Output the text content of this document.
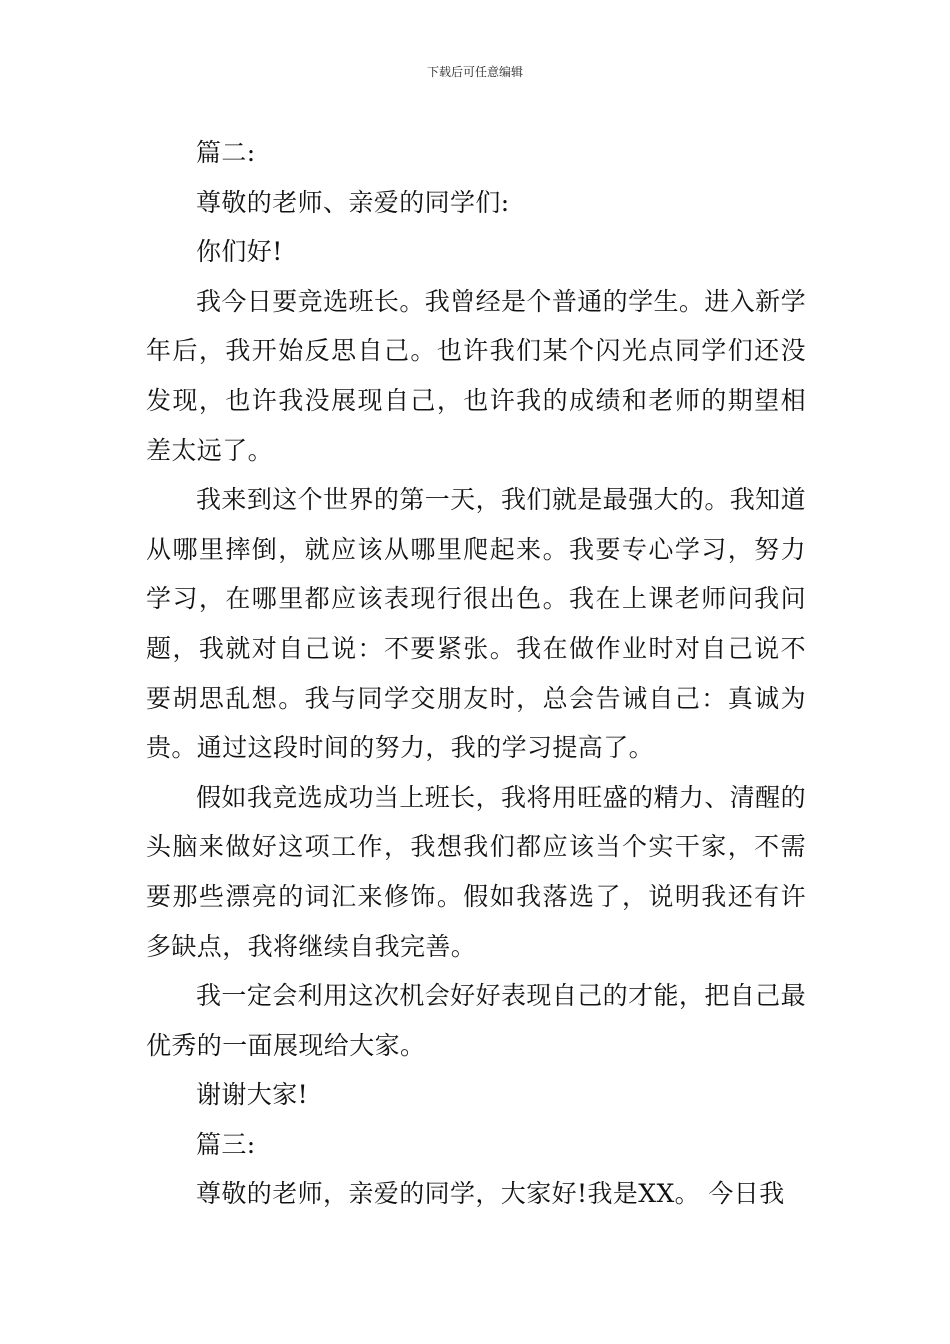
下载后可任意编辑

篇二:

尊敬的老师、亲爱的同学们:

你们好!

我今日要竞选班长。我曾经是个普通的学生。进入新学年后，我开始反思自己。也许我们某个闪光点同学们还没发现，也许我没展现自己，也许我的成绩和老师的期望相差太远了。

我来到这个世界的第一天，我们就是最强大的。我知道从哪里摔倒，就应该从哪里爬起来。我要专心学习，努力学习，在哪里都应该表现行很出色。我在上课老师问我问题，我就对自己说：不要紧张。我在做作业时对自己说不要胡思乱想。我与同学交朋友时，总会告诫自己：真诚为贵。通过这段时间的努力，我的学习提高了。

假如我竞选成功当上班长，我将用旺盛的精力、清醒的头脑来做好这项工作，我想我们都应该当个实干家，不需要那些漂亮的词汇来修饰。假如我落选了，说明我还有许多缺点，我将继续自我完善。

我一定会利用这次机会好好表现自己的才能，把自己最优秀的一面展现给大家。

谢谢大家!

篇三:

尊敬的老师，亲爱的同学，大家好!我是XX。 今日我
